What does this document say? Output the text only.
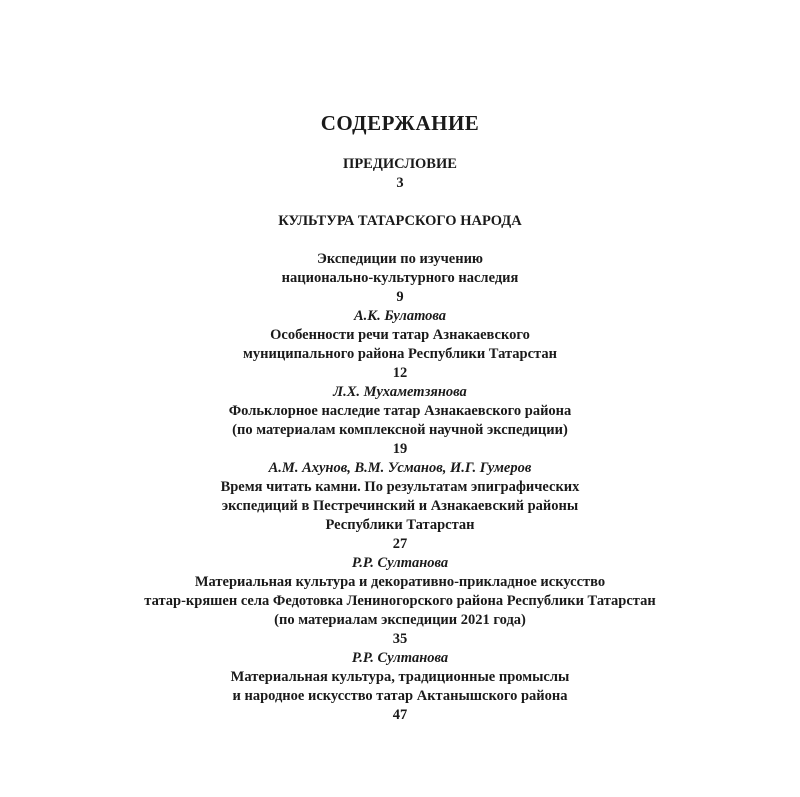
СОДЕРЖАНИЕ
ПРЕДИСЛОВИЕ
3
КУЛЬТУРА ТАТАРСКОГО НАРОДА
Экспедиции по изучению
национально-культурного наследия
9
А.К. Булатова
Особенности речи татар Азнакаевского
муниципального района Республики Татарстан
12
Л.Х. Мухаметзянова
Фольклорное наследие татар Азнакаевского района
(по материалам комплексной научной экспедиции)
19
А.М. Ахунов, В.М. Усманов, И.Г. Гумеров
Время читать камни. По результатам эпиграфических
экспедиций в Пестречинский и Азнакаевский районы
Республики Татарстан
27
Р.Р. Султанова
Материальная культура и декоративно-прикладное искусство
татар-кряшен села Федотовка Лениногорского района Республики Татарстан
(по материалам экспедиции 2021 года)
35
Р.Р. Султанова
Материальная культура, традиционные промыслы
и народное искусство татар Актанышского района
47
